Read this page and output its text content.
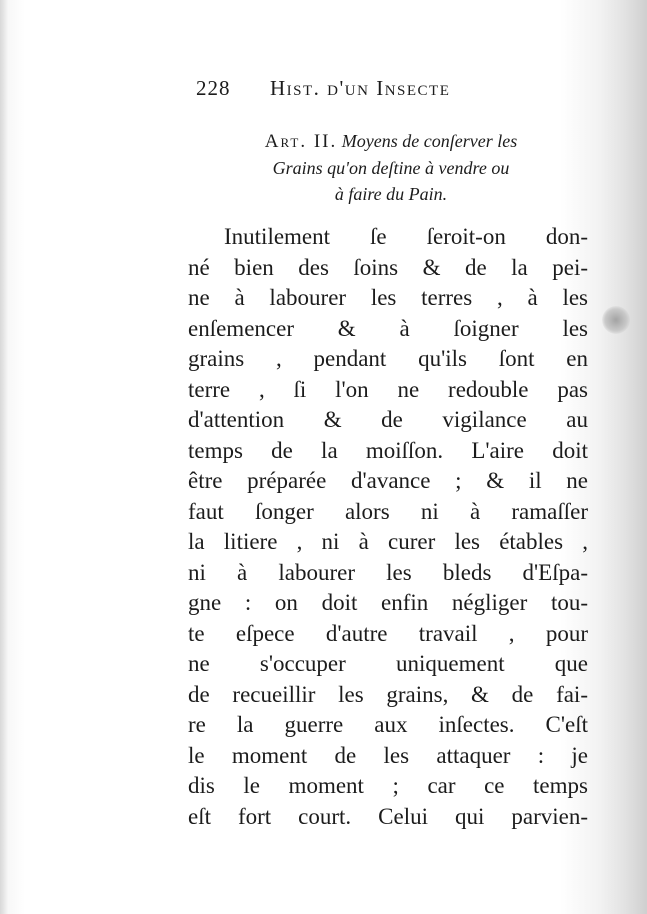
228 Hist. d'un Insecte
Art. II. Moyens de conſerver les
Grains qu'on deſtine à vendre ou
à faire du Pain.
Inutilement ſe ſeroit-on don-
né bien des ſoins & de la pei-
ne à labourer les terres , à les
enſemencer & à ſoigner les
grains , pendant qu'ils ſont en
terre , ſi l'on ne redouble pas
d'attention & de vigilance au
temps de la moiſſon. L'aire doit
être préparée d'avance ; & il ne
faut ſonger alors ni à ramaſſer
la litiere , ni à curer les étables ,
ni à labourer les bleds d'Eſpa-
gne : on doit enfin négliger tou-
te eſpece d'autre travail , pour
ne s'occuper uniquement que
de recueillir les grains, & de fai-
re la guerre aux inſectes. C'eſt
le moment de les attaquer : je
dis le moment ; car ce temps
eſt fort court. Celui qui parvien-
